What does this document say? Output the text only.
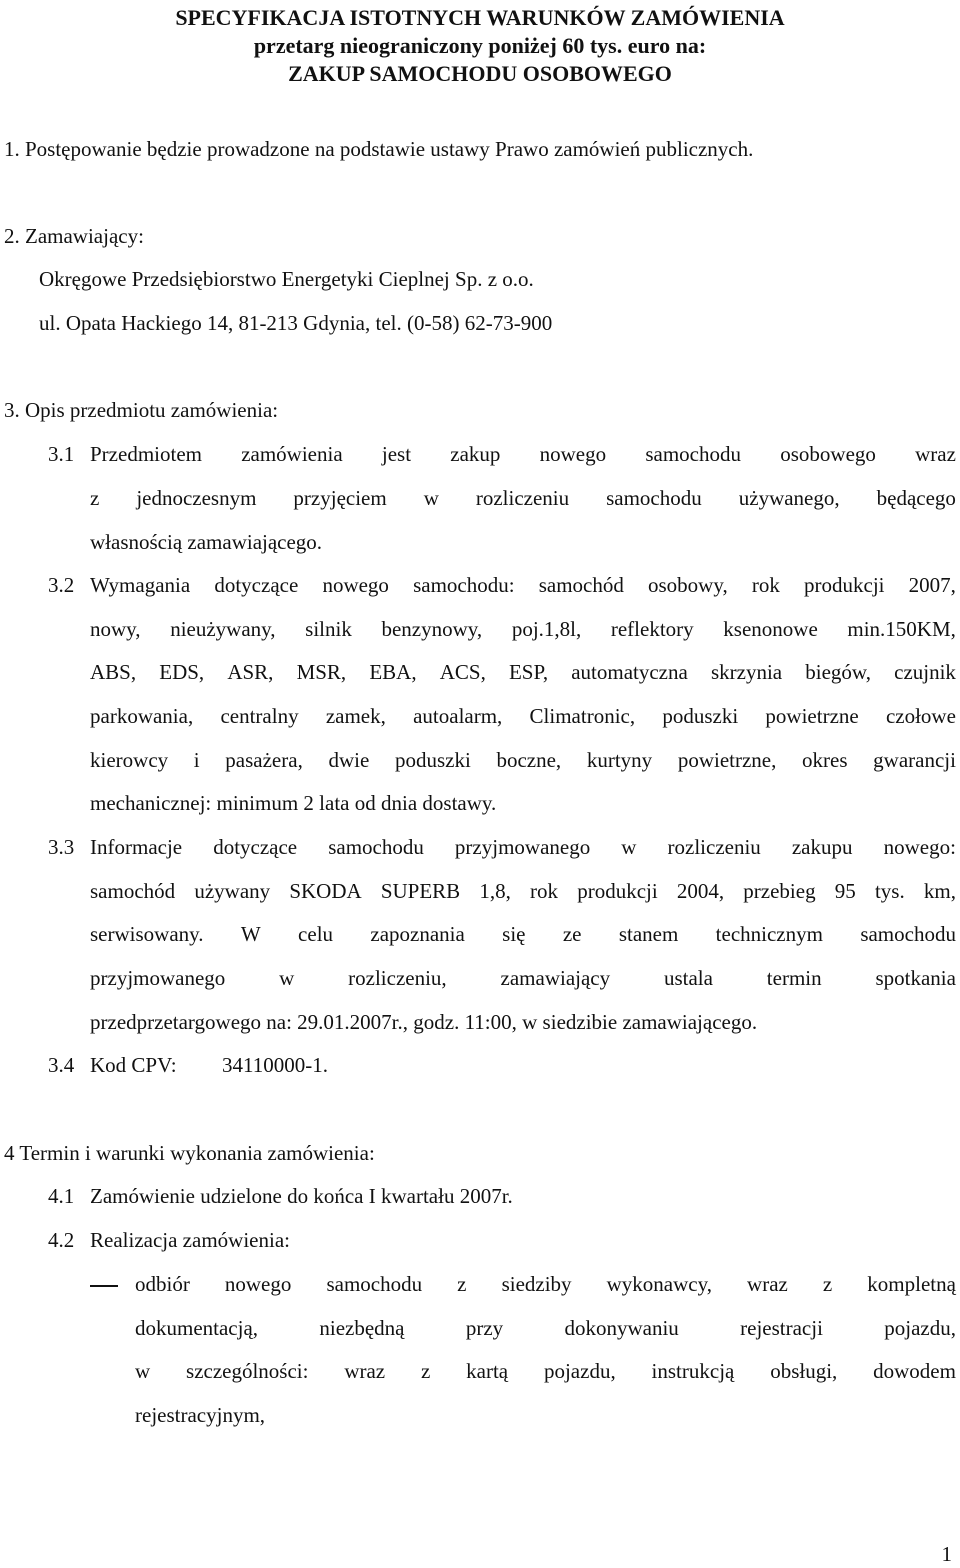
SPECYFIKACJA ISTOTNYCH WARUNKÓW ZAMÓWIENIA
przetarg nieograniczony poniżej 60 tys. euro na:
ZAKUP SAMOCHODU OSOBOWEGO
1. Postępowanie będzie prowadzone na podstawie ustawy Prawo zamówień publicznych.
2. Zamawiający:
Okręgowe Przedsiębiorstwo Energetyki Cieplnej Sp. z o.o.
ul. Opata Hackiego 14, 81-213 Gdynia, tel. (0-58) 62-73-900
3. Opis przedmiotu zamówienia:
3.1 Przedmiotem zamówienia jest zakup nowego samochodu osobowego wraz
z jednoczesnym przyjęciem w rozliczeniu samochodu używanego, będącego
własnością zamawiającego.
3.2 Wymagania dotyczące nowego samochodu: samochód osobowy, rok produkcji 2007,
nowy, nieużywany, silnik benzynowy, poj.1,8l, reflektory ksenonowe min.150KM,
ABS, EDS, ASR, MSR, EBA, ACS, ESP, automatyczna skrzynia biegów, czujnik
parkowania, centralny zamek, autoalarm, Climatronic, poduszki powietrzne czołowe
kierowcy i pasażera, dwie poduszki boczne, kurtyny powietrzne, okres gwarancji
mechanicznej: minimum 2 lata od dnia dostawy.
3.3 Informacje dotyczące samochodu przyjmowanego w rozliczeniu zakupu nowego:
samochód używany SKODA SUPERB 1,8, rok produkcji 2004, przebieg 95 tys. km,
serwisowany. W celu zapoznania się ze stanem technicznym samochodu
przyjmowanego	w	rozliczeniu,	zamawiający	ustala	termin	spotkania
przedprzetargowego na: 29.01.2007r., godz. 11:00, w siedzibie zamawiającego.
3.4 Kod CPV: 34110000-1.
4 Termin i warunki wykonania zamówienia:
4.1 Zamówienie udzielone do końca I kwartału 2007r.
4.2 Realizacja zamówienia:
odbiór nowego samochodu z siedziby wykonawcy, wraz z kompletną
dokumentacją,	niezbędną	przy	dokonywaniu	rejestracji	pojazdu,
w szczególności: wraz z kartą pojazdu, instrukcją obsługi, dowodem
rejestracyjnym,
1
